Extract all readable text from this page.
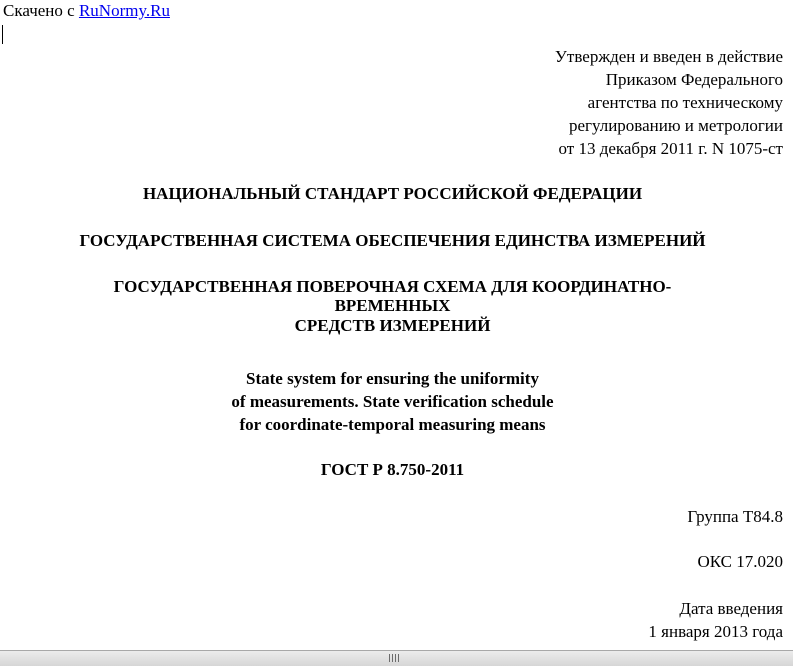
Скачено с RuNormy.Ru
Утвержден и введен в действие
Приказом Федерального
агентства по техническому
регулированию и метрологии
от 13 декабря 2011 г. N 1075-ст
НАЦИОНАЛЬНЫЙ СТАНДАРТ РОССИЙСКОЙ ФЕДЕРАЦИИ
ГОСУДАРСТВЕННАЯ СИСТЕМА ОБЕСПЕЧЕНИЯ ЕДИНСТВА ИЗМЕРЕНИЙ
ГОСУДАРСТВЕННАЯ ПОВЕРОЧНАЯ СХЕМА ДЛЯ КООРДИНАТНО-
ВРЕМЕННЫХ
СРЕДСТВ ИЗМЕРЕНИЙ
State system for ensuring the uniformity
of measurements. State verification schedule
for coordinate-temporal measuring means
ГОСТ Р 8.750-2011
Группа Т84.8
ОКС 17.020
Дата введения
1 января 2013 года
